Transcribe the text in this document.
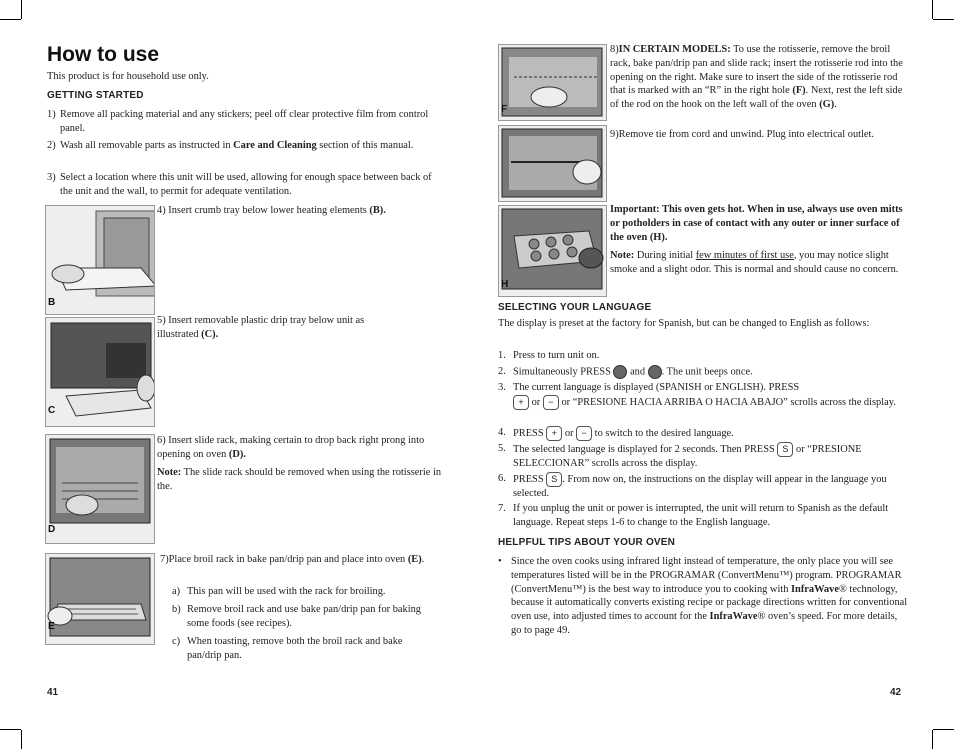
How to use
This product is for household use only.
GETTING STARTED
1) Remove all packing material and any stickers; peel off clear protective film from control panel.
2) Wash all removable parts as instructed in Care and Cleaning section of this manual.
3) Select a location where this unit will be used, allowing for enough space between back of the unit and the wall, to permit for adequate ventilation.
B
4) Insert crumb tray below lower heating elements (B).
C
5) Insert removable plastic drip tray below unit as illustrated (C).
D
6) Insert slide rack, making certain to drop back right prong into opening on oven (D).
Note: The slide rack should be removed when using the rotisserie in the.
E
7)Place broil rack in bake pan/drip pan and place into oven (E).
a) This pan will be used with the rack for broiling.
b) Remove broil rack and use bake pan/drip pan for baking some foods (see recipes).
c) When toasting, remove both the broil rack and bake pan/drip pan.
41
F
8)IN CERTAIN MODELS: To use the rotisserie, remove the broil rack, bake pan/drip pan and slide rack; insert the rotisserie rod into the opening on the right. Make sure to insert the side of the rotisserie rod that is marked with an “R” in the right hole (F). Next, rest the left side of the rod on the hook on the left wall of the oven (G).
9)Remove tie from cord and unwind. Plug into electrical outlet.
H
Important: This oven gets hot. When in use, always use oven mitts or potholders in case of contact with any outer or inner surface of the oven (H).
Note: During initial few minutes of first use, you may notice slight smoke and a slight odor. This is normal and should cause no concern.
SELECTING YOUR LANGUAGE
The display is preset at the factory for Spanish, but can be changed to English as follows:
1. Press to turn unit on.
2. Simultaneously PRESS  and . The unit beeps once.
3. The current language is displayed (SPANISH or ENGLISH). PRESS
+ or − or “PRESIONE HACIA ARRIBA O HACIA ABAJO” scrolls across the display.
4. PRESS + or − to switch to the desired language.
5. The selected language is displayed for 2 seconds. Then PRESS S or “PRESIONE SELECCIONAR” scrolls across the display.
6. PRESS S . From now on, the instructions on the display will appear in the language you selected.
7. If you unplug the unit or power is interrupted, the unit will return to Spanish as the default language. Repeat steps 1-6 to change to the English language.
HELPFUL TIPS ABOUT YOUR OVEN
• Since the oven cooks using infrared light instead of temperature, the only place you will see temperatures listed will be in the PROGRAMAR (ConvertMenu™) program. PROGRAMAR (ConvertMenu™) is the best way to introduce you to cooking with InfraWave® technology, because it automatically converts existing recipe or package directions written for conventional oven use, into adjusted times to account for the InfraWave® oven’s speed. For more details, go to page 49.
42
